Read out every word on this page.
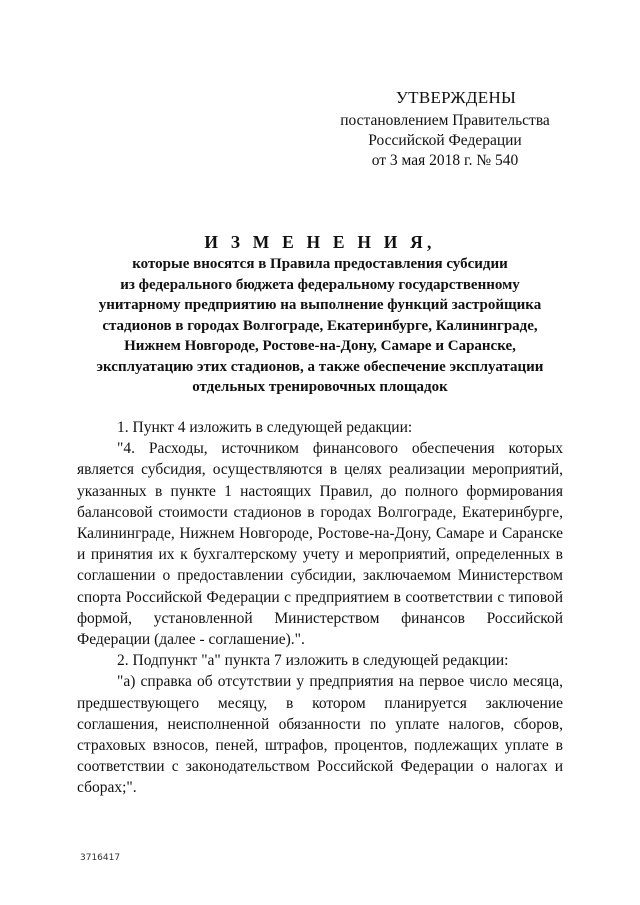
УТВЕРЖДЕНЫ
постановлением Правительства
Российской Федерации
от 3 мая 2018 г. № 540
И З М Е Н Е Н И Я,
которые вносятся в Правила предоставления субсидии
из федерального бюджета федеральному государственному
унитарному предприятию на выполнение функций застройщика
стадионов в городах Волгограде, Екатеринбурге, Калининграде,
Нижнем Новгороде, Ростове-на-Дону, Самаре и Саранске,
эксплуатацию этих стадионов, а также обеспечение эксплуатации
отдельных тренировочных площадок

1. Пункт 4 изложить в следующей редакции:

"4. Расходы, источником финансового обеспечения которых является субсидия, осуществляются в целях реализации мероприятий, указанных в пункте 1 настоящих Правил, до полного формирования балансовой стоимости стадионов в городах Волгограде, Екатеринбурге, Калининграде, Нижнем Новгороде, Ростове-на-Дону, Самаре и Саранске и принятия их к бухгалтерскому учету и мероприятий, определенных в соглашении о предоставлении субсидии, заключаемом Министерством спорта Российской Федерации с предприятием в соответствии с типовой формой, установленной Министерством финансов Российской Федерации (далее - соглашение).".

2. Подпункт "а" пункта 7 изложить в следующей редакции:

"а) справка об отсутствии у предприятия на первое число месяца, предшествующего месяцу, в котором планируется заключение соглашения, неисполненной обязанности по уплате налогов, сборов, страховых взносов, пеней, штрафов, процентов, подлежащих уплате в соответствии с законодательством Российской Федерации о налогах и сборах;".

3716417
